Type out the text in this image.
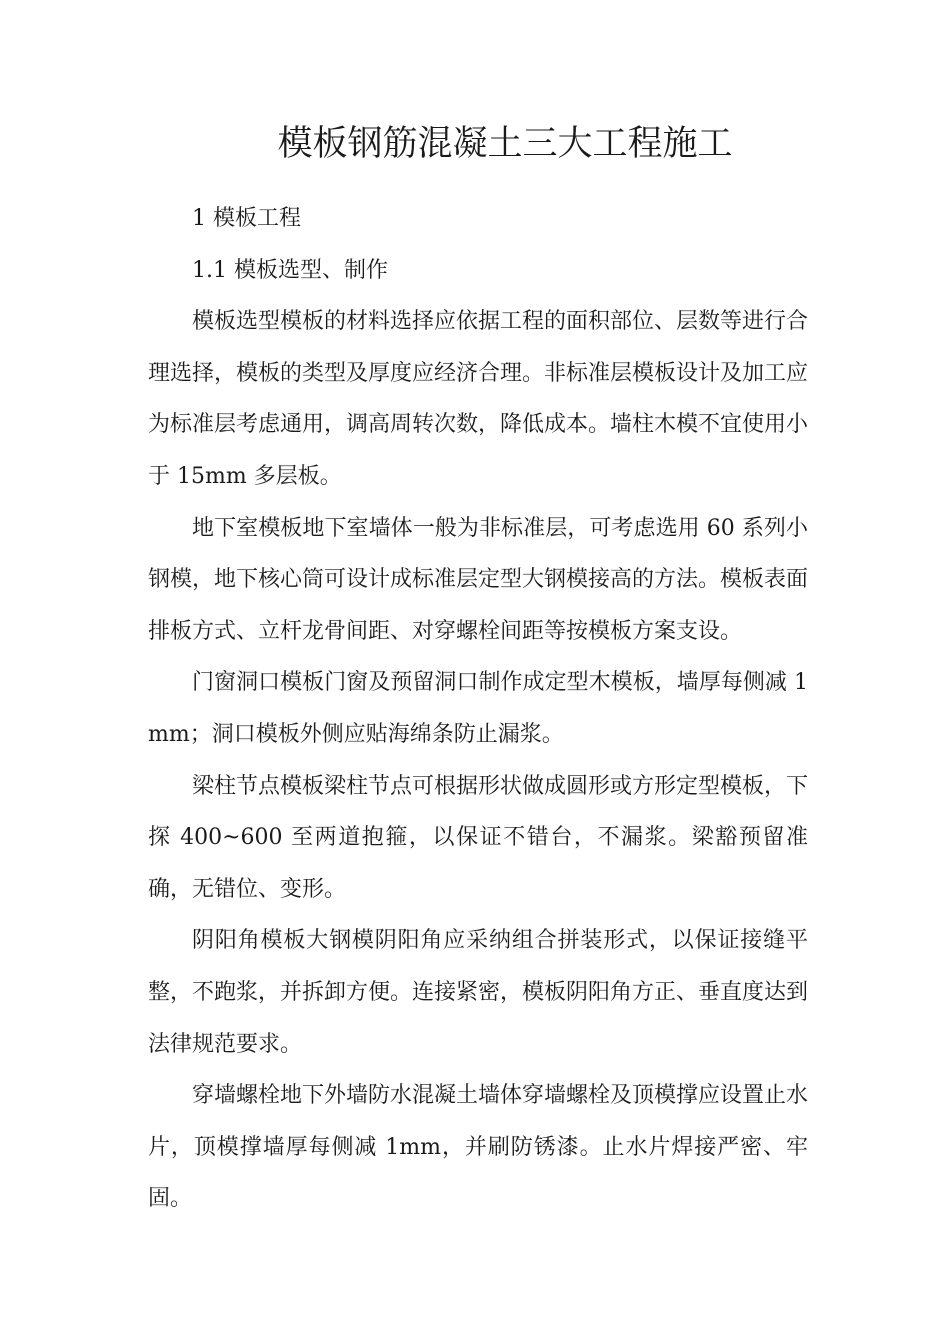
模板钢筋混凝土三大工程施工

1 模板工程

1.1 模板选型、制作

模板选型模板的材料选择应依据工程的面积部位、层数等进行合理选择，模板的类型及厚度应经济合理。非标准层模板设计及加工应为标准层考虑通用，调高周转次数，降低成本。墙柱木模不宜使用小于 15mm 多层板。

地下室模板地下室墙体一般为非标准层，可考虑选用 60 系列小钢模，地下核心筒可设计成标准层定型大钢模接高的方法。模板表面排板方式、立杆龙骨间距、对穿螺栓间距等按模板方案支设。

门窗洞口模板门窗及预留洞口制作成定型木模板，墙厚每侧减 1mm；洞口模板外侧应贴海绵条防止漏浆。

梁柱节点模板梁柱节点可根据形状做成圆形或方形定型模板，下探 400~600 至两道抱箍，以保证不错台，不漏浆。梁豁预留准确，无错位、变形。

阴阳角模板大钢模阴阳角应采纳组合拼装形式，以保证接缝平整，不跑浆，并拆卸方便。连接紧密，模板阴阳角方正、垂直度达到法律规范要求。

穿墙螺栓地下外墙防水混凝土墙体穿墙螺栓及顶模撑应设置止水片，顶模撑墙厚每侧减 1mm，并刷防锈漆。止水片焊接严密、牢固。
